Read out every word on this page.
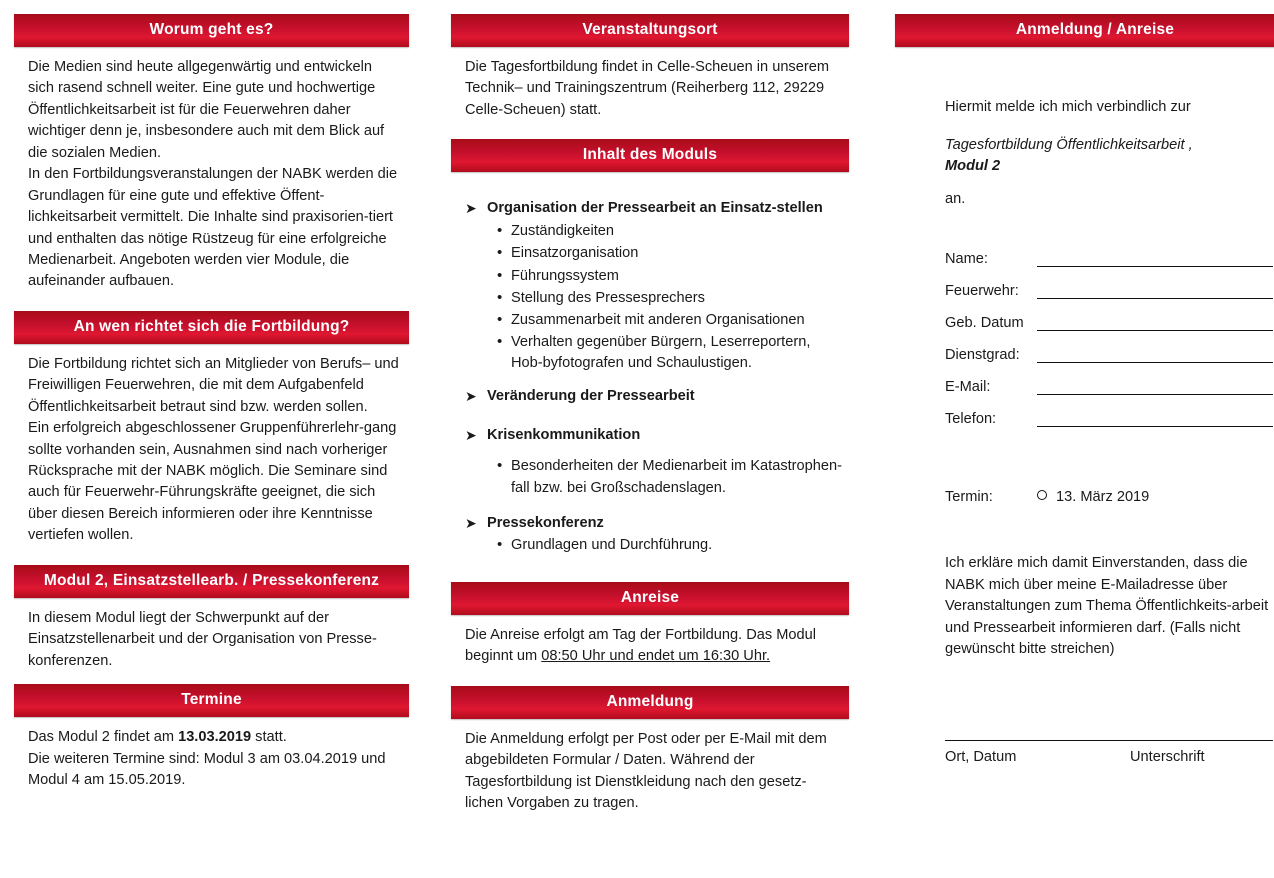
Worum geht es?

Die Medien sind heute allgegenwärtig und entwickeln sich rasend schnell weiter. Eine gute und hochwertige Öffentlichkeitsarbeit ist für die Feuerwehren daher wichtiger denn je, insbesondere auch mit dem Blick auf die sozialen Medien.

In den Fortbildungsveranstalungen der NABK werden die Grundlagen für eine gute und effektive Öffent-lichkeitsarbeit vermittelt. Die Inhalte sind praxisorien-tiert und enthalten das nötige Rüstzeug für eine erfolgreiche Medienarbeit. Angeboten werden vier Module, die aufeinander aufbauen.

An wen richtet sich die Fortbildung?

Die Fortbildung richtet sich an Mitglieder von Berufs– und Freiwilligen Feuerwehren, die mit dem Aufgabenfeld Öffentlichkeitsarbeit betraut sind bzw. werden sollen.

Ein erfolgreich abgeschlossener Gruppenführerlehr-gang sollte vorhanden sein, Ausnahmen sind nach vorheriger Rücksprache mit der NABK möglich. Die Seminare sind auch für Feuerwehr-Führungskräfte geeignet, die sich über diesen Bereich informieren oder ihre Kenntnisse vertiefen wollen.

Modul 2, Einsatzstellearb. / Pressekonferenz

In diesem Modul liegt der Schwerpunkt auf der Einsatzstellenarbeit und der Organisation von Presse-konferenzen.

Termine

Das Modul 2 findet am 13.03.2019 statt.

Die weiteren Termine sind: Modul 3 am 03.04.2019 und Modul 4 am 15.05.2019.

Veranstaltungsort

Die Tagesfortbildung findet in Celle-Scheuen in unserem Technik– und Trainingszentrum (Reiherberg 112, 29229 Celle-Scheuen) statt.

Inhalt des Moduls
➤ Organisation der Pressearbeit an Einsatz-stellen
• Zuständigkeiten
• Einsatzorganisation
• Führungssystem
• Stellung des Pressesprechers
• Zusammenarbeit mit anderen Organisationen
• Verhalten gegenüber Bürgern, Leserreportern, Hob-byfotografen und Schaulustigen.
➤ Veränderung der Pressearbeit
➤ Krisenkommunikation
• Besonderheiten der Medienarbeit im Katastrophen-fall bzw. bei Großschadenslagen.
➤ Pressekonferenz
• Grundlagen und Durchführung.
Anreise

Die Anreise erfolgt am Tag der Fortbildung. Das Modul beginnt um 08:50 Uhr und endet um 16:30 Uhr.

Anmeldung

Die Anmeldung erfolgt per Post oder per E-Mail mit dem abgebildeten Formular / Daten. Während der Tagesfortbildung ist Dienstkleidung nach den gesetz-lichen Vorgaben zu tragen.

Anmeldung / Anreise
Hiermit melde ich mich verbindlich zur
Tagesfortbildung Öffentlichkeitsarbeit ,
Modul 2
an.
Name:
Feuerwehr:
Geb. Datum
Dienstgrad:
E-Mail:
Telefon:
Termin:	13. März 2019
Ich erkläre mich damit Einverstanden, dass die NABK mich über meine E-Mailadresse über Veranstaltungen zum Thema Öffentlichkeits-arbeit und Pressearbeit informieren darf. (Falls nicht gewünscht bitte streichen)
Ort, Datum	Unterschrift
